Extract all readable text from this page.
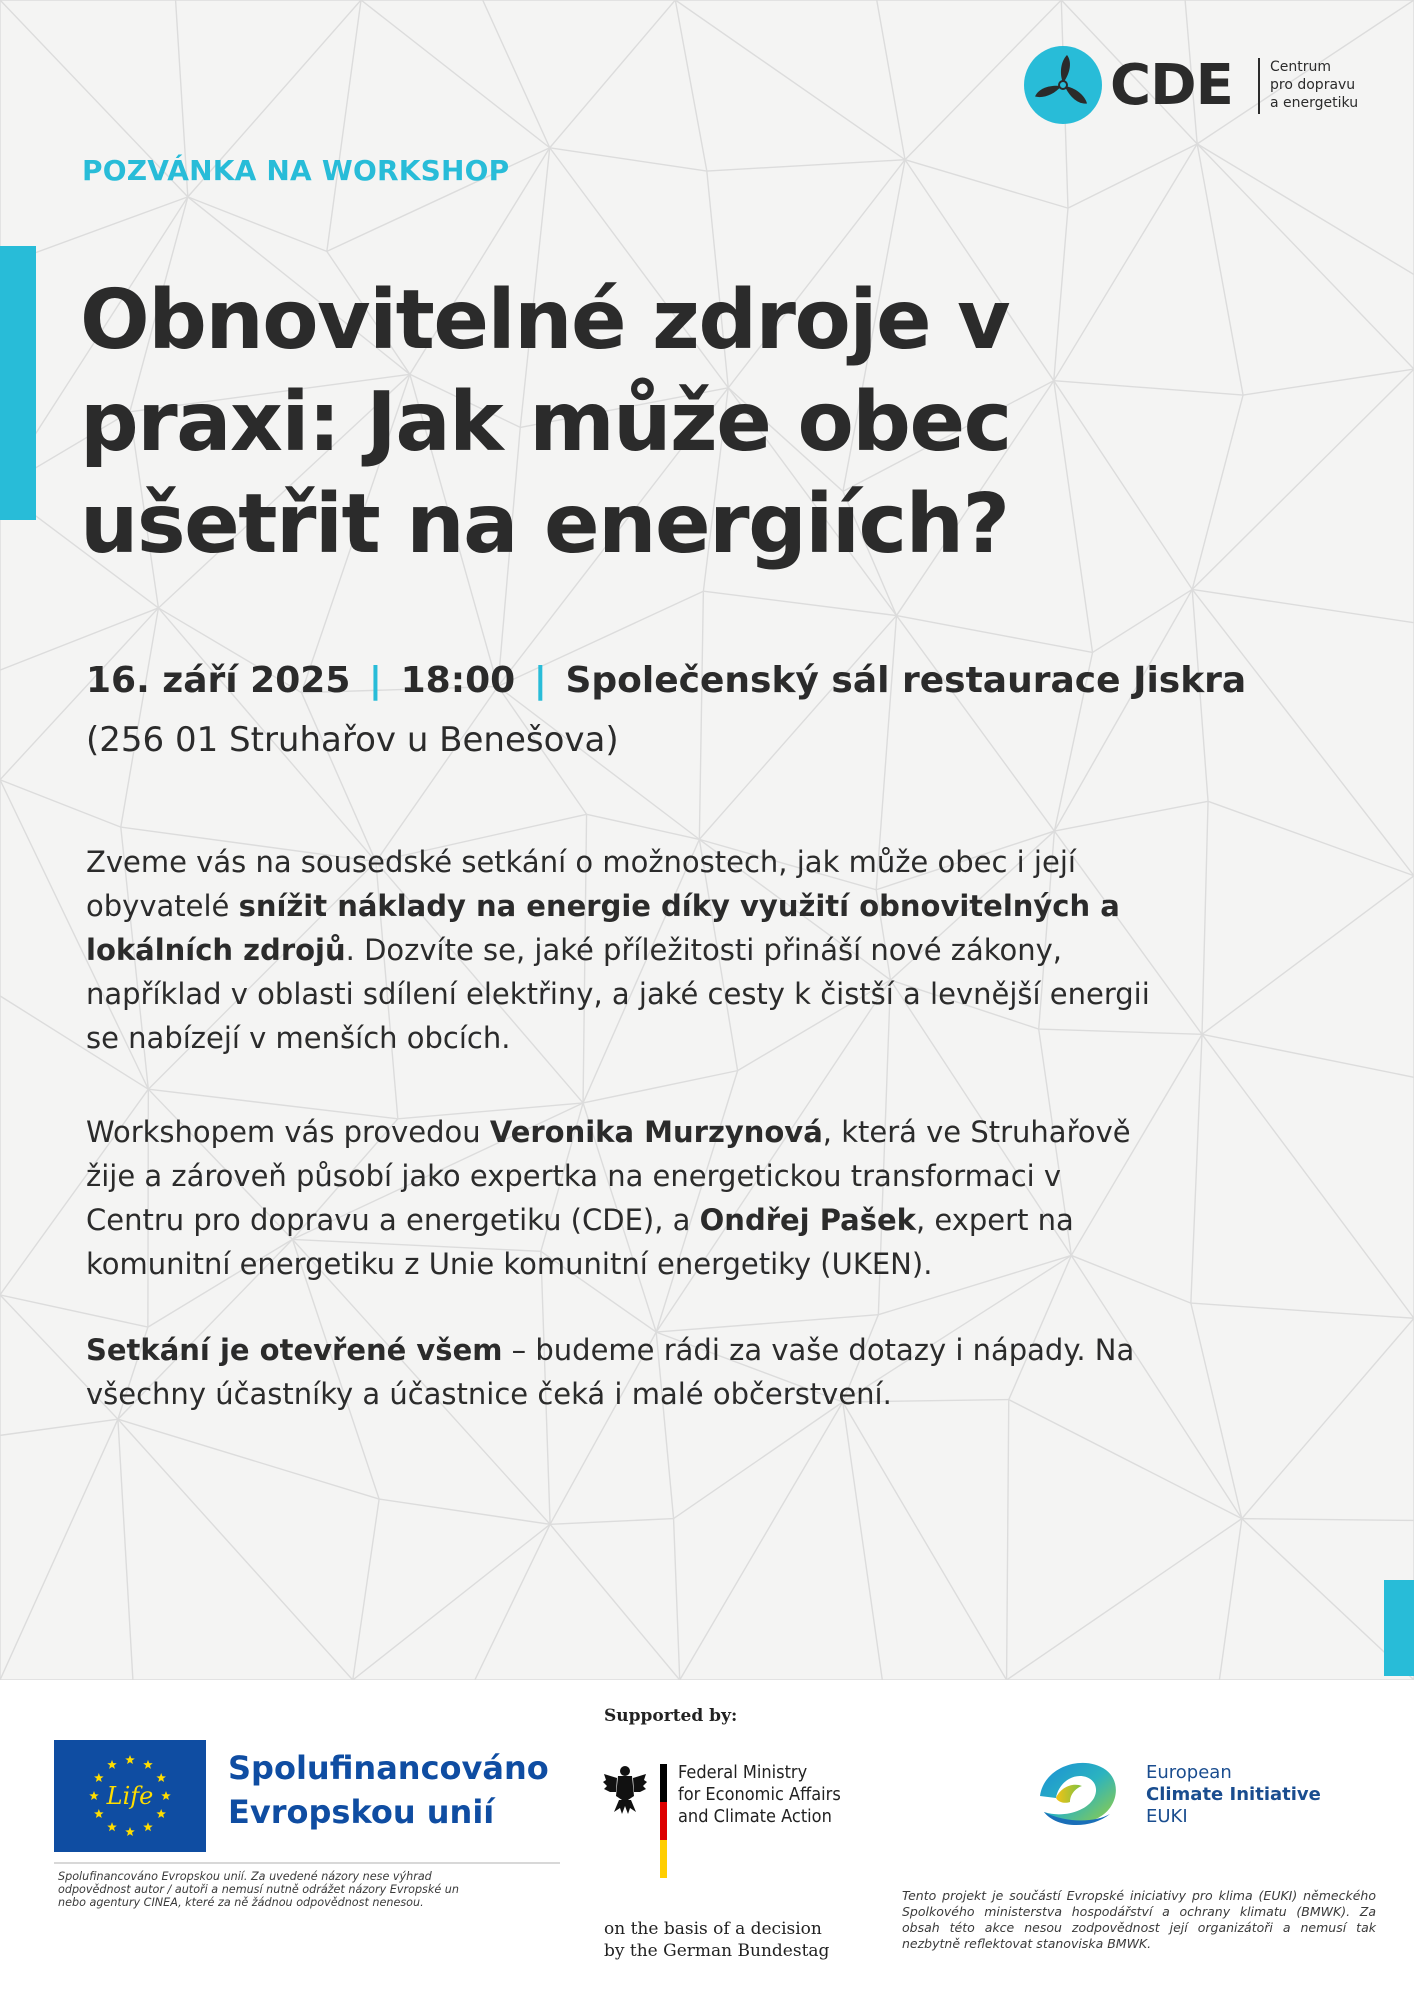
CDE	Centrum
pro dopravu
a energetiku
POZVÁNKA NA WORKSHOP
Obnovitelné zdroje v
praxi: Jak může obec
ušetřit na energiích?
16. září 2025 | 18:00 | Společenský sál restaurace Jiskra
(256 01 Struhařov u Benešova)
Zveme vás na sousedské setkání o možnostech, jak může obec i její
obyvatelé snížit náklady na energie díky využití obnovitelných a
lokálních zdrojů. Dozvíte se, jaké příležitosti přináší nové zákony,
například v oblasti sdílení elektřiny, a jaké cesty k čistší a levnější energii
se nabízejí v menších obcích.
Workshopem vás provedou Veronika Murzynová, která ve Struhařově
žije a zároveň působí jako expertka na energetickou transformaci v
Centru pro dopravu a energetiku (CDE), a Ondřej Pašek, expert na
komunitní energetiku z Unie komunitní energetiky (UKEN).
Setkání je otevřené všem – budeme rádi za vaše dotazy i nápady. Na
všechny účastníky a účastnice čeká i malé občerstvení.
Life
Spolufinancováno
Evropskou unií
Spolufinancováno Evropskou unií. Za uvedené názory nese výhrad
odpovědnost autor / autoři a nemusí nutně odrážet názory Evropské un
nebo agentury CINEA, které za ně žádnou odpovědnost nenesou.
Supported by:
Federal Ministry
for Economic Affairs
and Climate Action
on the basis of a decision
by the German Bundestag
European
Climate Initiative
EUKI
Tento projekt je součástí Evropské iniciativy pro klima (EUKI) německého Spolkového ministerstva hospodářství a ochrany klimatu (BMWK). Za obsah této akce nesou zodpovědnost její organizátoři a nemusí tak nezbytně reflektovat stanoviska BMWK.
